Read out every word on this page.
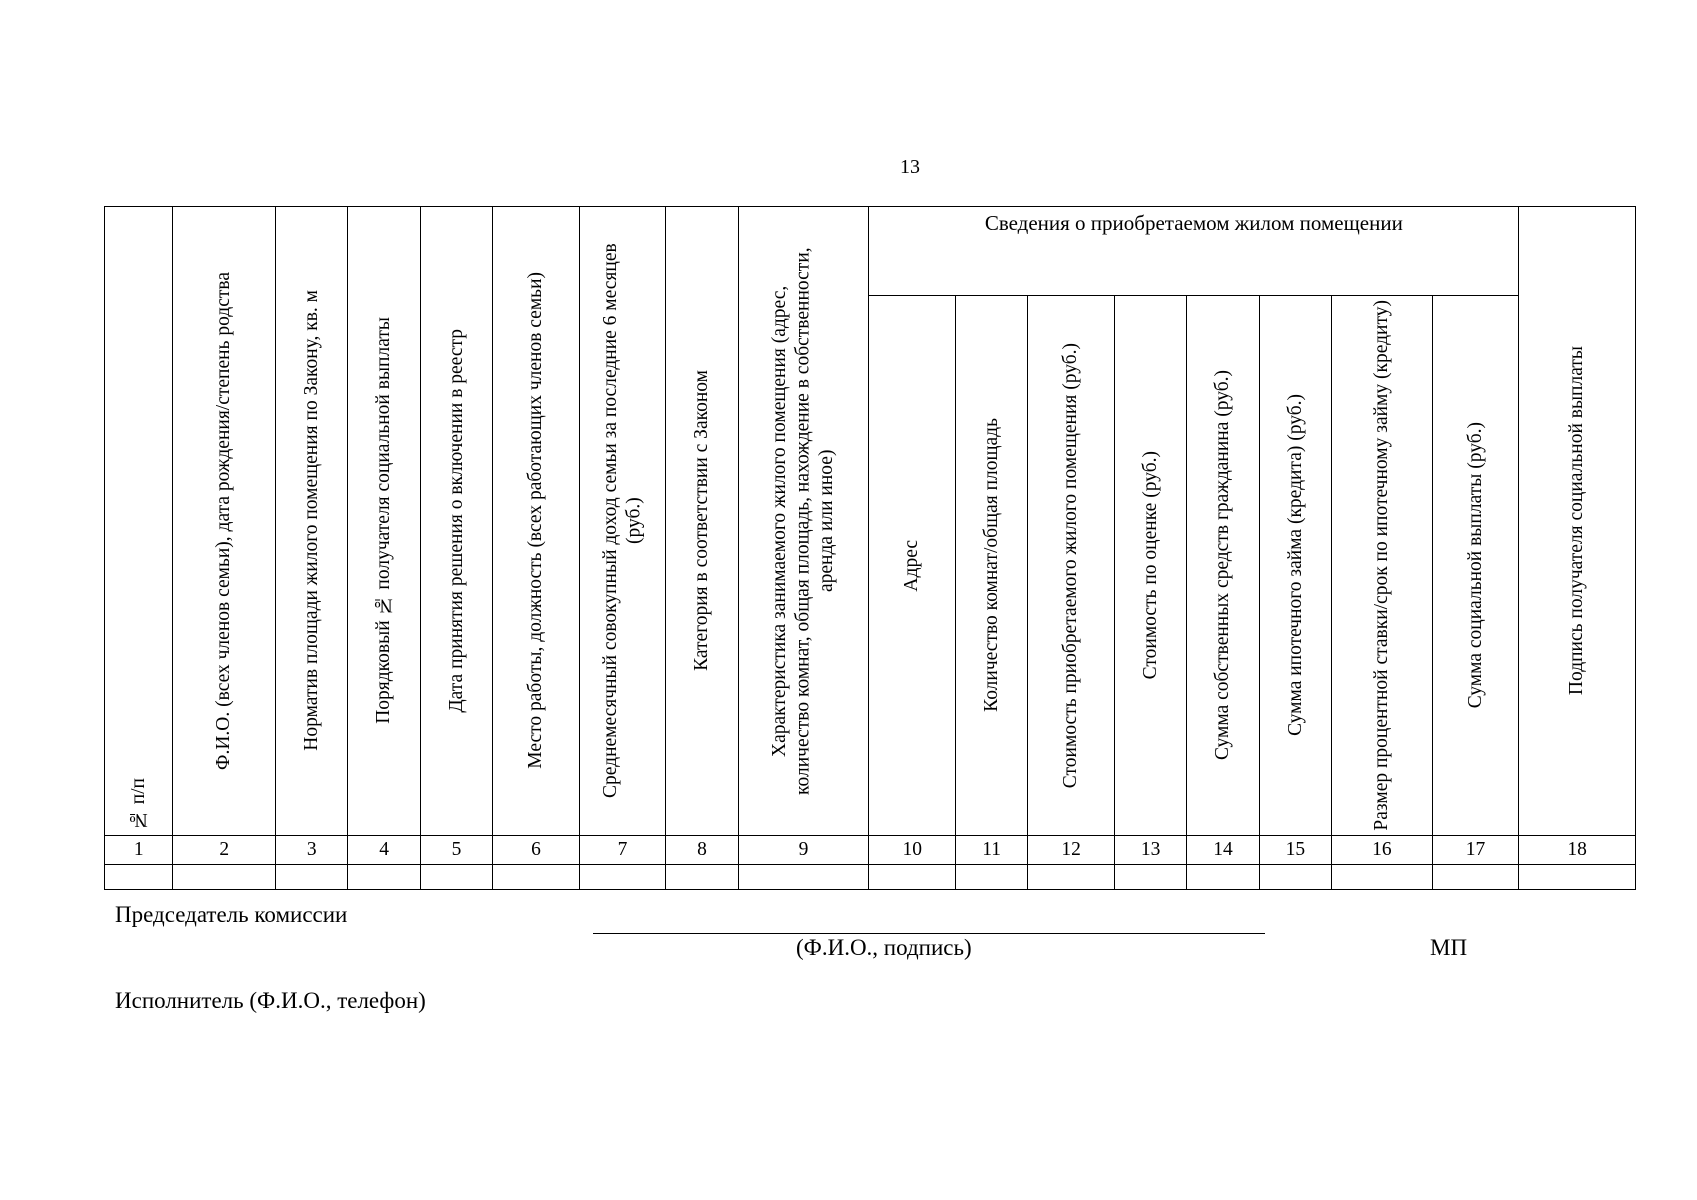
13
№ п/п	Ф.И.О. (всех членов семьи), дата рождения/степень родства	Норматив площади жилого помещения по Закону, кв. м	Порядковый № получателя социальной выплаты	Дата принятия решения о включении в реестр	Место работы, должность (всех работающих членов семьи)	Среднемесячный совокупный доход семьи за последние 6 месяцев (руб.)	Категория в соответствии с Законом	Характеристика занимаемого жилого помещения (адрес, количество комнат, общая площадь, нахождение в собственности, аренда или иное)	Сведения о приобретаемом жилом помещении								Подпись получателя социальной выплаты

									Адрес	Количество комнат/общая площадь	Стоимость приобретаемого жилого помещения (руб.)	Стоимость по оценке (руб.)	Сумма собственных средств гражданина (руб.)	Сумма ипотечного займа (кредита) (руб.)	Размер процентной ставки/срок по ипотечному займу (кредиту)	Сумма социальной выплаты (руб.)	

1	2	3	4	5	6	7	8	9	10	11	12	13	14	15	16	17	18

Председатель комиссии
(Ф.И.О., подпись)	МП
Исполнитель (Ф.И.О., телефон)
